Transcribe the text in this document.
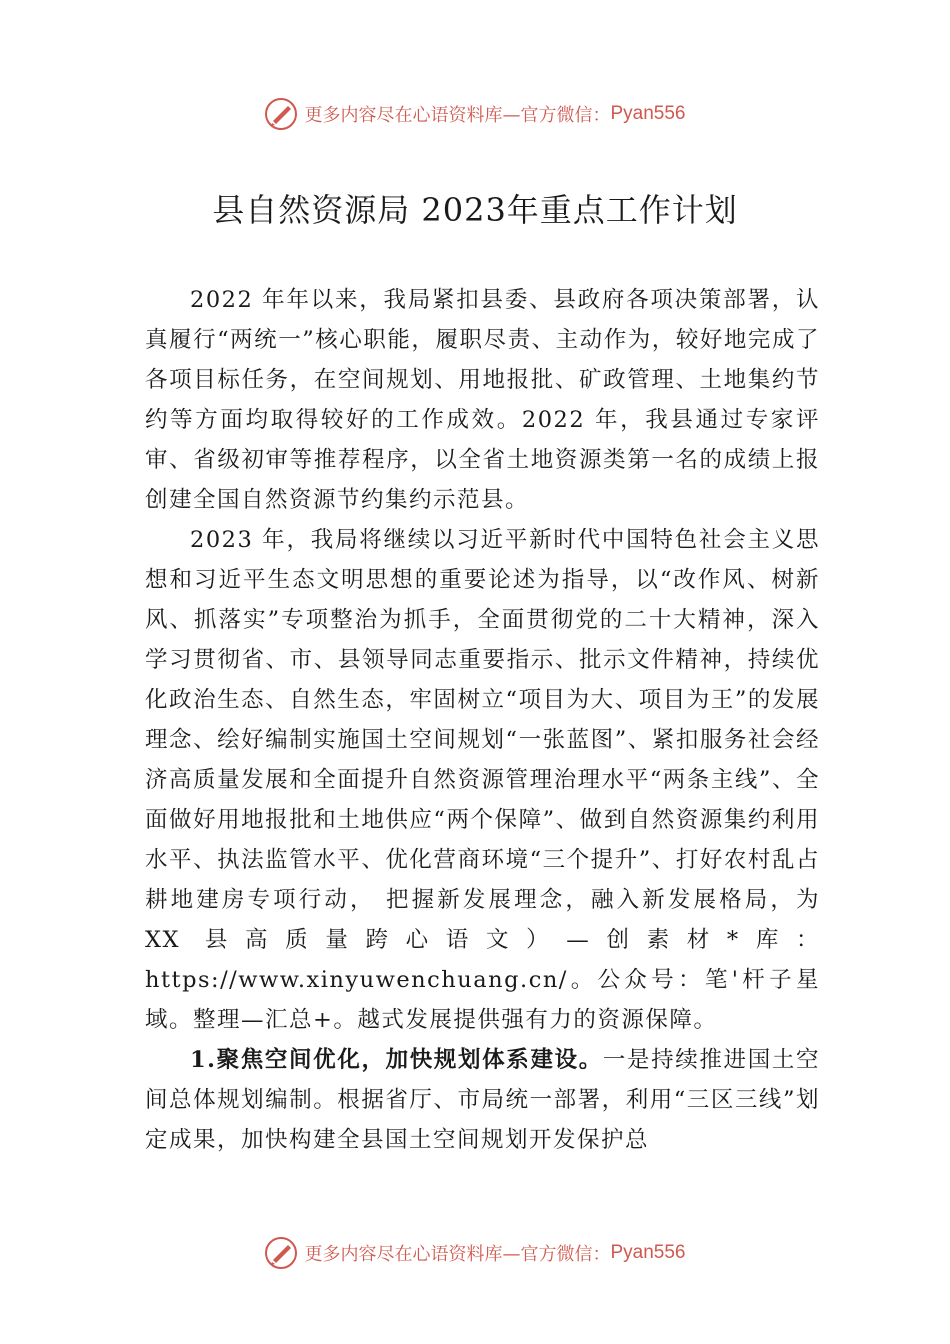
更多内容尽在心语资料库—官方微信： Pyan556
县自然资源局 2023年重点工作计划

2022 年年以来，我局紧扣县委、县政府各项决策部署，认真履行“两统一”核心职能，履职尽责、主动作为，较好地完成了各项目标任务，在空间规划、用地报批、矿政管理、土地集约节约等方面均取得较好的工作成效。2022 年，我县通过专家评审、省级初审等推荐程序，以全省土地资源类第一名的成绩上报创建全国自然资源节约集约示范县。

2023 年，我局将继续以习近平新时代中国特色社会主义思想和习近平生态文明思想的重要论述为指导，以“改作风、树新风、抓落实”专项整治为抓手，全面贯彻党的二十大精神，深入学习贯彻省、市、县领导同志重要指示、批示文件精神，持续优化政治生态、自然生态，牢固树立“项目为大、项目为王”的发展理念、绘好编制实施国土空间规划“一张蓝图”、紧扣服务社会经济高质量发展和全面提升自然资源管理治理水平“两条主线”、全面做好用地报批和土地供应“两个保障”、做到自然资源集约利用水平、执法监管水平、优化营商环境“三个提升”、打好农村乱占耕地建房专项行动， 把握新发展理念，融入新发展格局，为 XX 县高质量跨心语文）—创素材*库：https://www.xinyuwenchuang.cn/。公众号：笔'杆子星域。整理—汇总+。越式发展提供强有力的资源保障。

1.聚焦空间优化，加快规划体系建设。一是持续推进国土空间总体规划编制。根据省厅、市局统一部署，利用“三区三线”划定成果，加快构建全县国土空间规划开发保护总

更多内容尽在心语资料库—官方微信： Pyan556
